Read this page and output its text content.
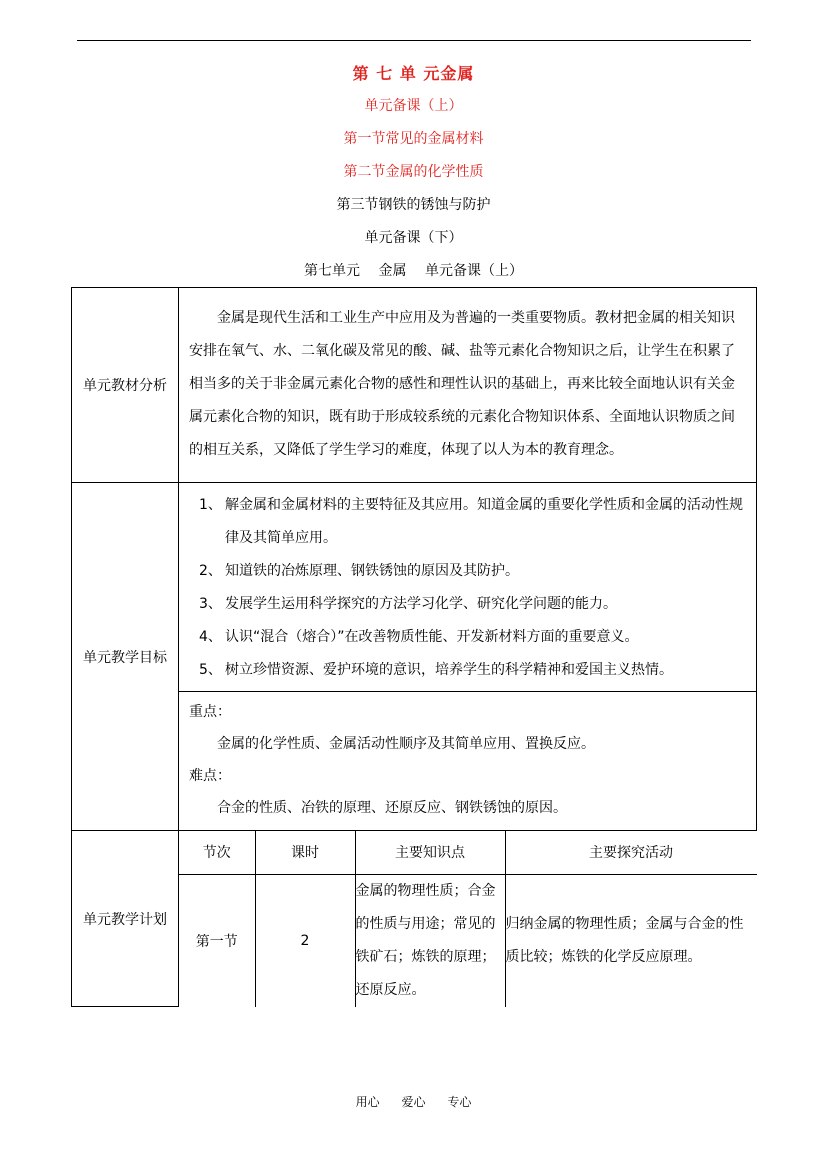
第 七 单 元金属
单元备课（上）
第一节常见的金属材料
第二节金属的化学性质
第三节钢铁的锈蚀与防护
单元备课（下）
第七单元　 金属　 单元备课（上）
单元教材分析	
金属是现代生活和工业生产中应用及为普遍的一类重要物质。教材把金属的相关知识安排在氧气、水、二氧化碳及常见的酸、碱、盐等元素化合物知识之后，让学生在积累了相当多的关于非金属元素化合物的感性和理性认识的基础上，再来比较全面地认识有关金属元素化合物的知识，既有助于形成较系统的元素化合物知识体系、全面地认识物质之间的相互关系，又降低了学生学习的难度，体现了以人为本的教育理念。

单元教学目标	
1、 解金属和金属材料的主要特征及其应用。知道金属的重要化学性质和金属的活动性规律及其简单应用。
2、 知道铁的冶炼原理、钢铁锈蚀的原因及其防护。
3、 发展学生运用科学探究的方法学习化学、研究化学问题的能力。
4、 认识“混合（熔合）”在改善物质性能、开发新材料方面的重要意义。
5、 树立珍惜资源、爱护环境的意识，培养学生的科学精神和爱国主义热情。

重点：
金属的化学性质、金属活动性顺序及其简单应用、置换反应。
难点：
合金的性质、冶铁的原理、还原反应、钢铁锈蚀的原因。

单元教学计划	
节次	课时	主要知识点	主要探究活动
第一节	2	金属的物理性质；合金的性质与用途；常见的铁矿石；炼铁的原理；还原反应。	归纳金属的物理性质；金属与合金的性质比较；炼铁的化学反应原理。
用心 爱心 专心
